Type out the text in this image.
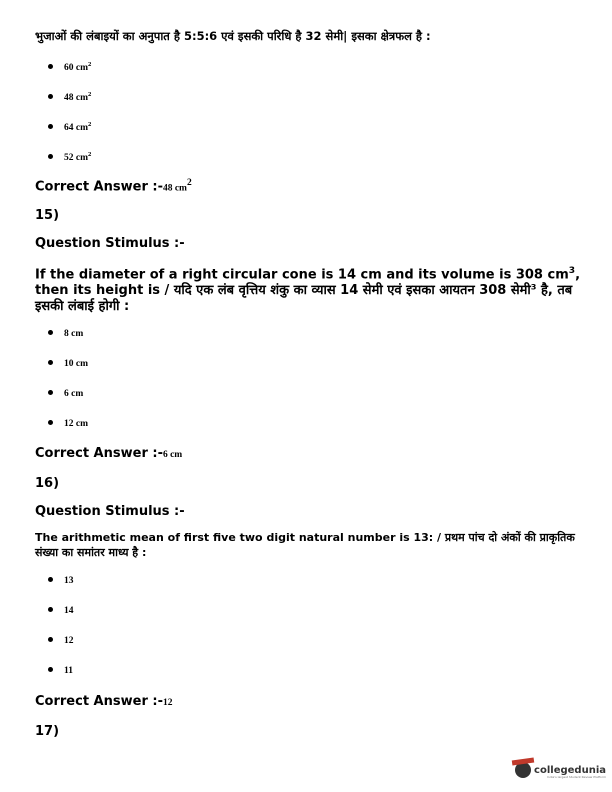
भुजाओं की लंबाइयों का अनुपात है 5:5:6 एवं इसकी परिधि है 32 सेमी| इसका क्षेत्रफल है :
60 $cm^2$
48 $cm^2$
64 $cm^2$
52 $cm^2$
Correct Answer :-48 $cm^2$
15)
Question Stimulus :-
If the diameter of a right circular cone is 14 cm and its volume is 308 $cm^3$, then its height is / यदि एक लंब वृत्तिय शंकु का व्यास 14 सेमी एवं इसका आयतन 308 सेमी³ है, तब इसकी लंबाई होगी :
8 cm
10 cm
6 cm
12 cm
Correct Answer :-6 cm
16)
Question Stimulus :-
The arithmetic mean of first five two digit natural number is 13: / प्रथम पांच दो अंकों की प्राकृतिक संख्या का समांतर माध्य है :
13
14
12
11
Correct Answer :-12
17)
collegedunia
India's largest Student Review Platform
